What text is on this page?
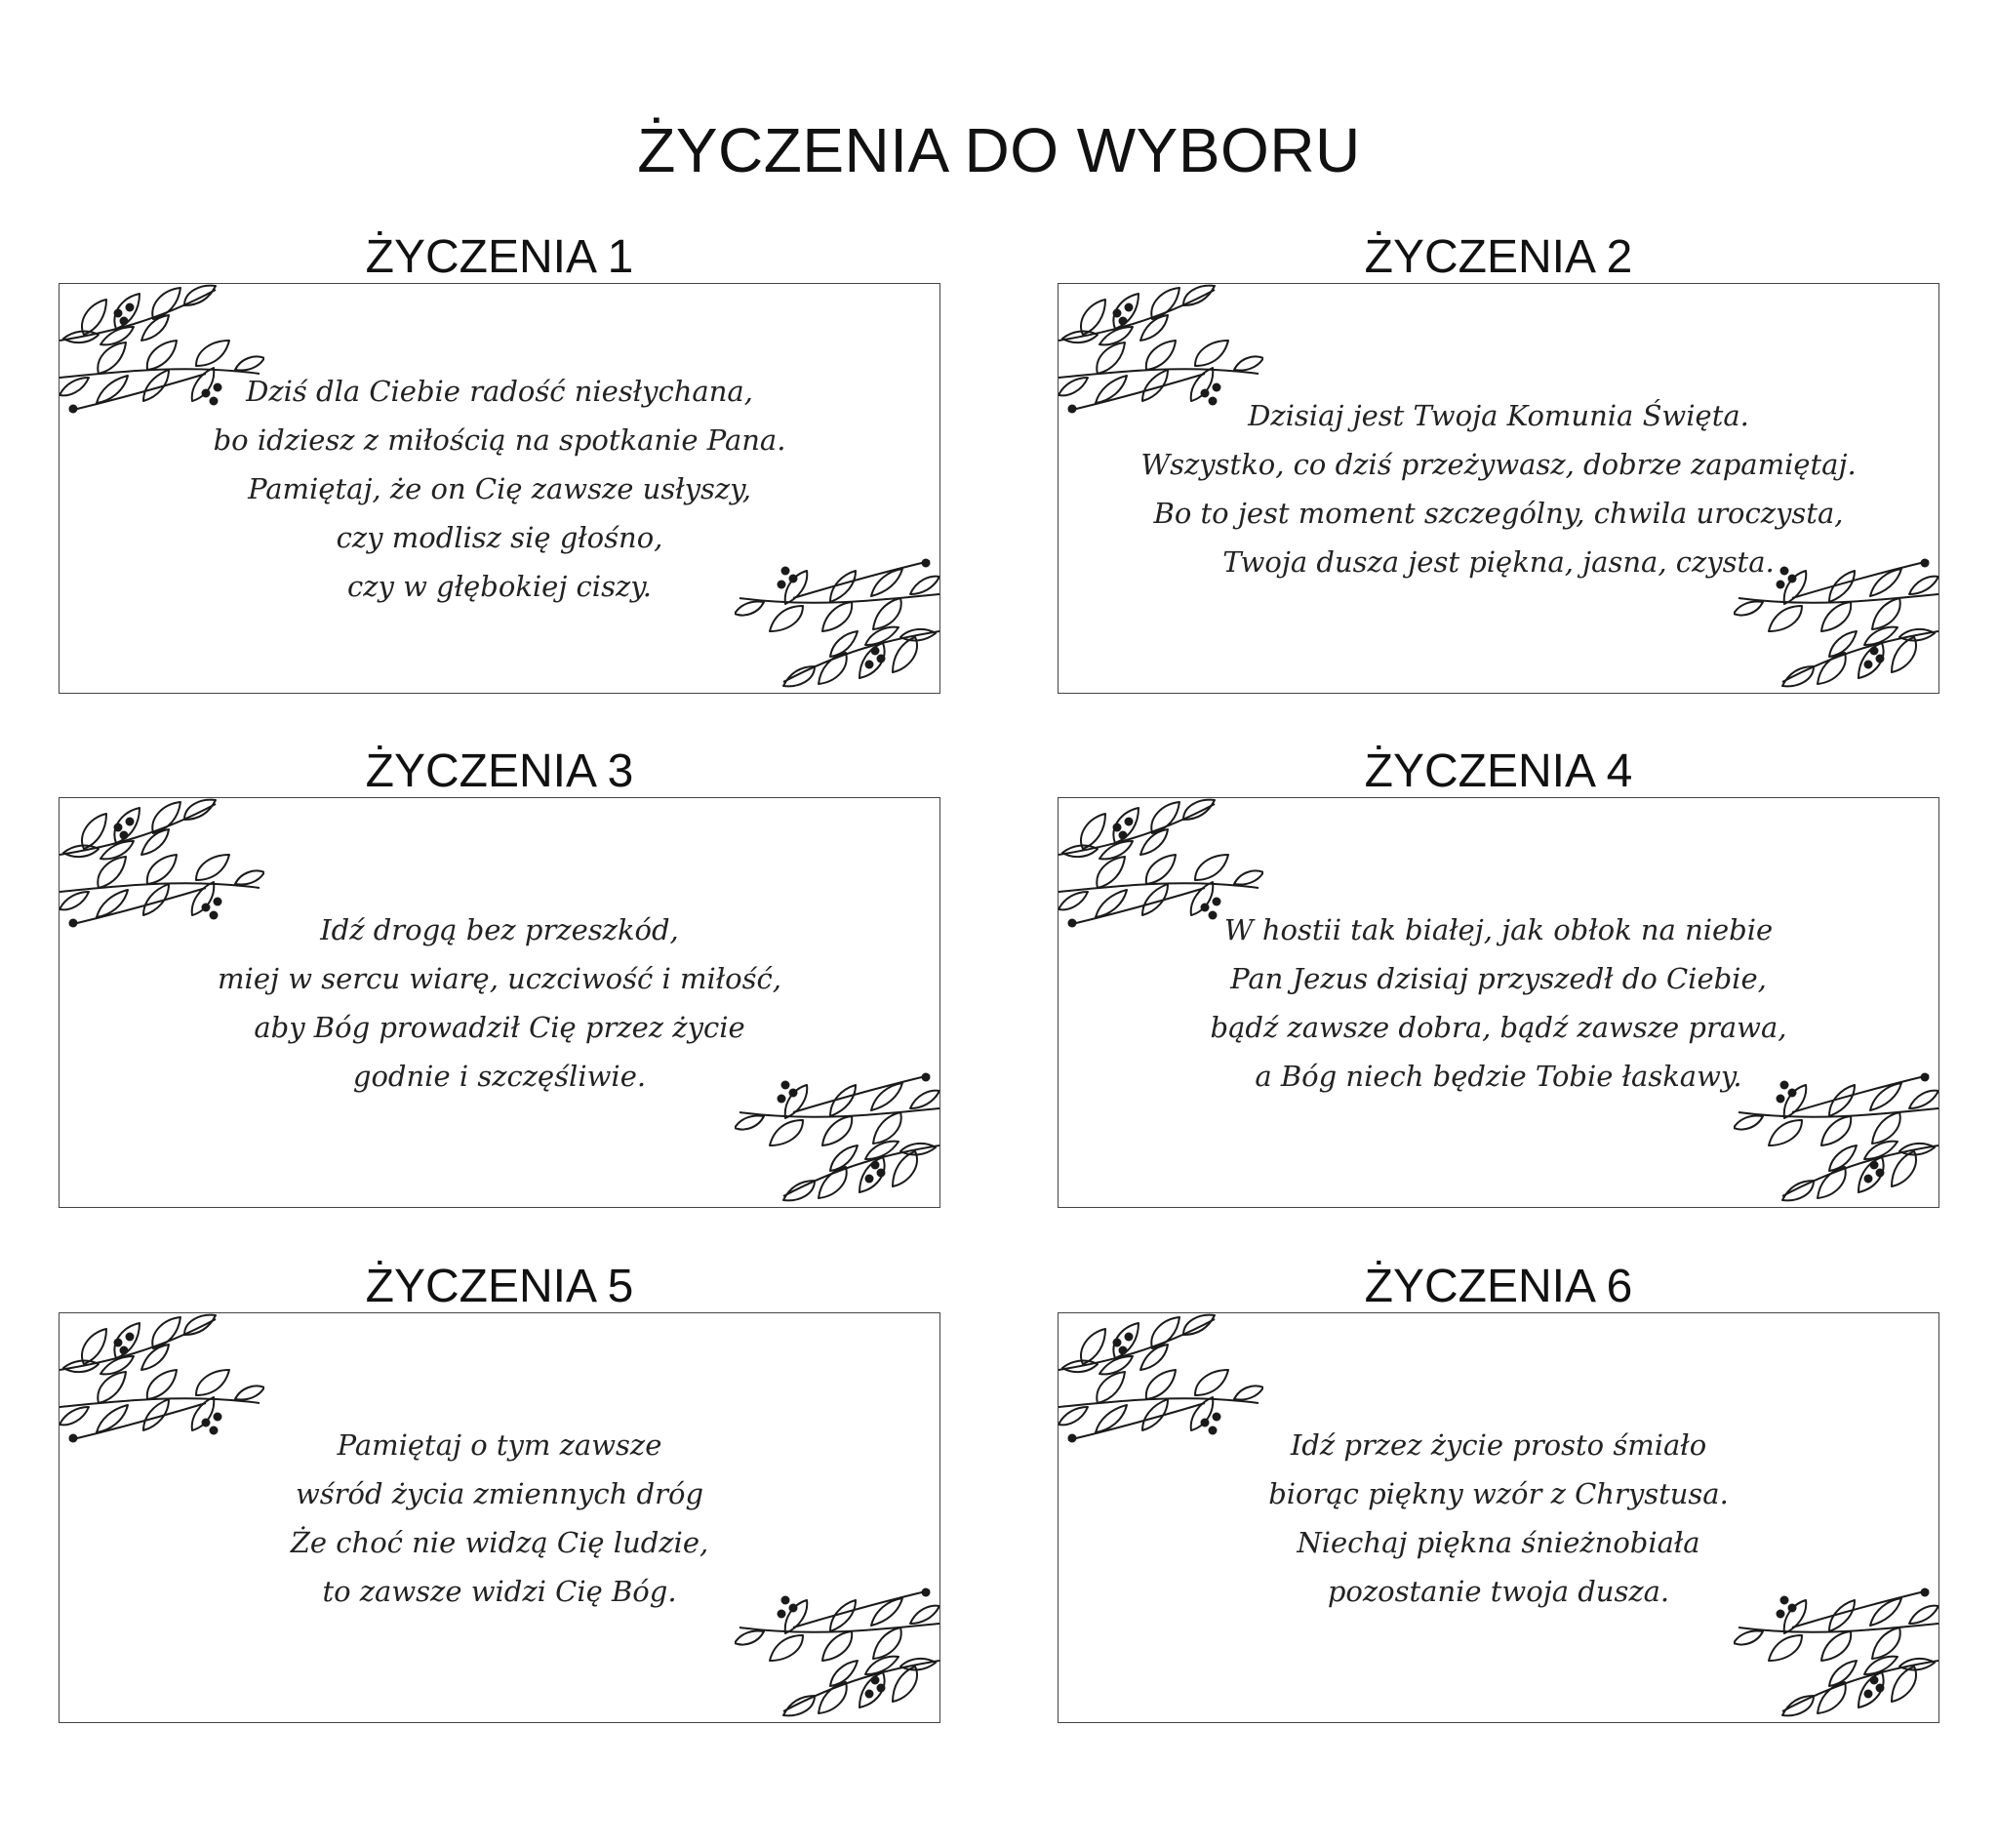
ŻYCZENIA DO WYBORU
ŻYCZENIA 1
Dziś dla Ciebie radość niesłychana,
bo idziesz z miłością na spotkanie Pana.
Pamiętaj, że on Cię zawsze usłyszy,
czy modlisz się głośno,
czy w głębokiej ciszy.
ŻYCZENIA 2
Dzisiaj jest Twoja Komunia Święta.
Wszystko, co dziś przeżywasz, dobrze zapamiętaj.
Bo to jest moment szczególny, chwila uroczysta,
Twoja dusza jest piękna, jasna, czysta.
ŻYCZENIA 3
Idź drogą bez przeszkód,
miej w sercu wiarę, uczciwość i miłość,
aby Bóg prowadził Cię przez życie
godnie i szczęśliwie.
ŻYCZENIA 4
W hostii tak białej, jak obłok na niebie
Pan Jezus dzisiaj przyszedł do Ciebie,
bądź zawsze dobra, bądź zawsze prawa,
a Bóg niech będzie Tobie łaskawy.
ŻYCZENIA 5
Pamiętaj o tym zawsze
wśród życia zmiennych dróg
Że choć nie widzą Cię ludzie,
to zawsze widzi Cię Bóg.
ŻYCZENIA 6
Idź przez życie prosto śmiało
biorąc piękny wzór z Chrystusa.
Niechaj piękna śnieżnobiała
pozostanie twoja dusza.
